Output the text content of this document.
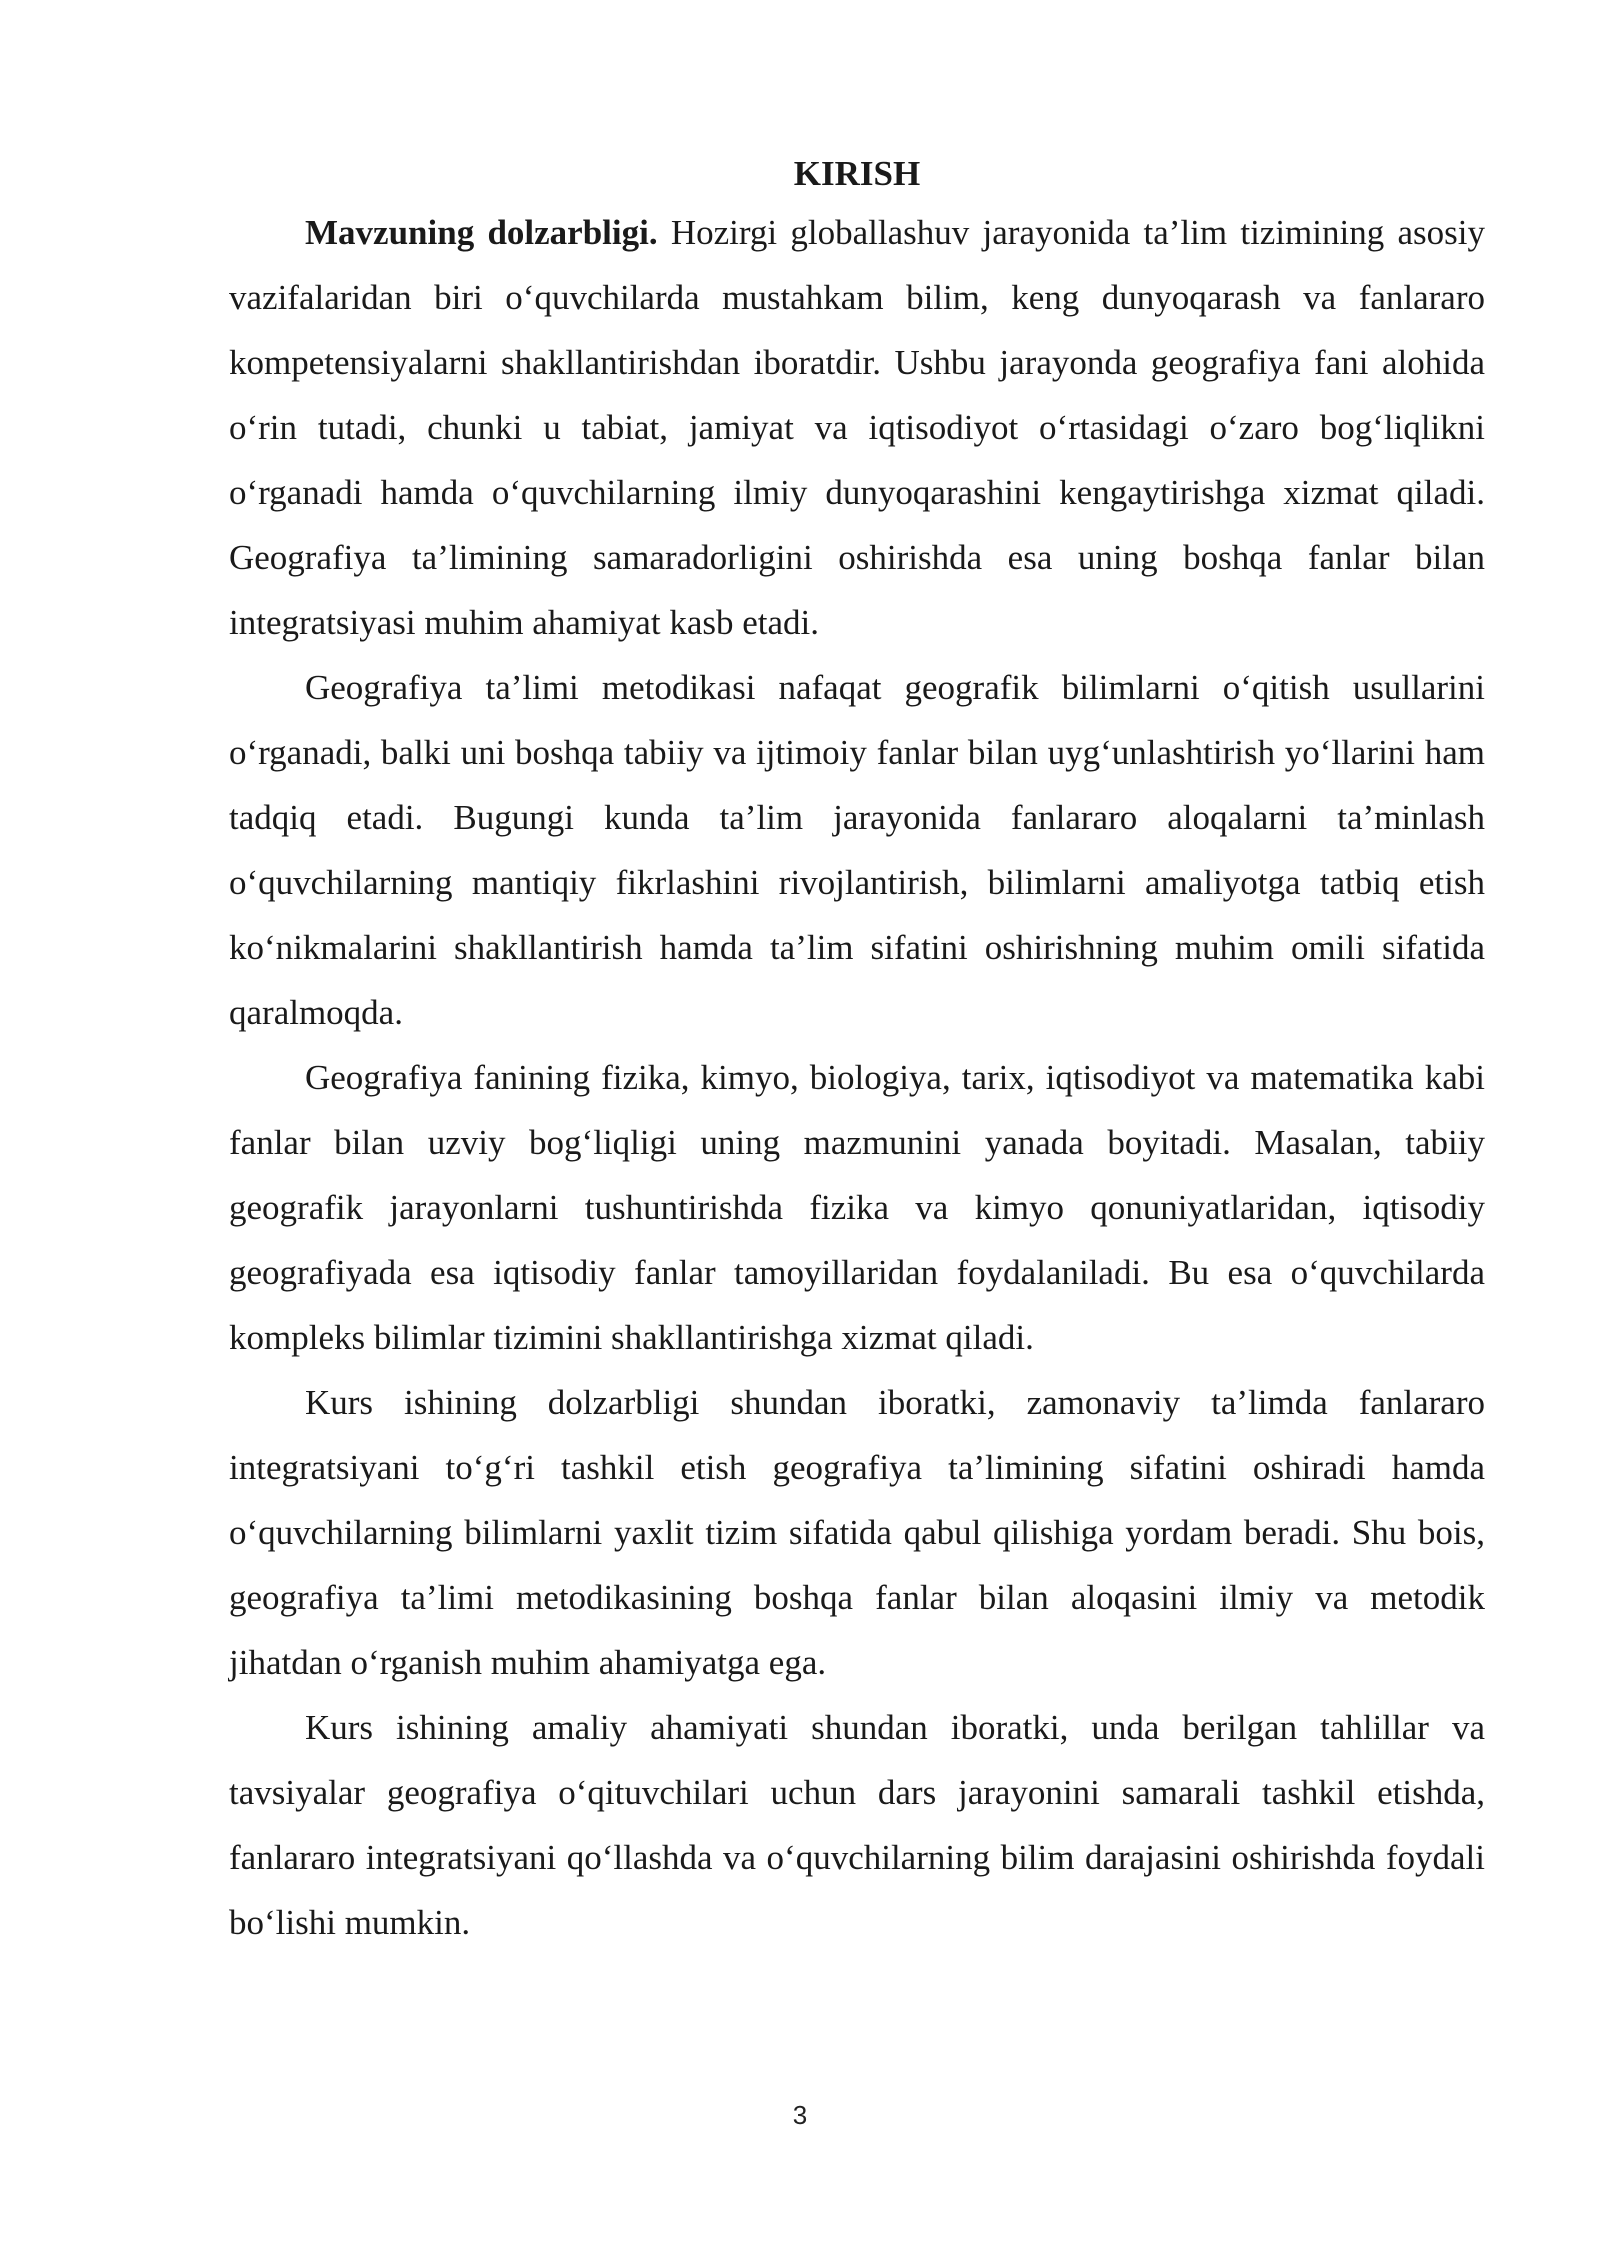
KIRISH

Mavzuning dolzarbligi. Hozirgi globallashuv jarayonida ta’lim tizimining asosiy vazifalaridan biri o‘quvchilarda mustahkam bilim, keng dunyoqarash va fanlararo kompetensiyalarni shakllantirishdan iboratdir. Ushbu jarayonda geografiya fani alohida o‘rin tutadi, chunki u tabiat, jamiyat va iqtisodiyot o‘rtasidagi o‘zaro bog‘liqlikni o‘rganadi hamda o‘quvchilarning ilmiy dunyoqarashini kengaytirishga xizmat qiladi. Geografiya ta’limining samaradorligini oshirishda esa uning boshqa fanlar bilan integratsiyasi muhim ahamiyat kasb etadi.

Geografiya ta’limi metodikasi nafaqat geografik bilimlarni o‘qitish usullarini o‘rganadi, balki uni boshqa tabiiy va ijtimoiy fanlar bilan uyg‘unlashtirish yo‘llarini ham tadqiq etadi. Bugungi kunda ta’lim jarayonida fanlararo aloqalarni ta’minlash o‘quvchilarning mantiqiy fikrlashini rivojlantirish, bilimlarni amaliyotga tatbiq etish ko‘nikmalarini shakllantirish hamda ta’lim sifatini oshirishning muhim omili sifatida qaralmoqda.

Geografiya fanining fizika, kimyo, biologiya, tarix, iqtisodiyot va matematika kabi fanlar bilan uzviy bog‘liqligi uning mazmunini yanada boyitadi. Masalan, tabiiy geografik jarayonlarni tushuntirishda fizika va kimyo qonuniyatlaridan, iqtisodiy geografiyada esa iqtisodiy fanlar tamoyillaridan foydalaniladi. Bu esa o‘quvchilarda kompleks bilimlar tizimini shakllantirishga xizmat qiladi.

Kurs ishining dolzarbligi shundan iboratki, zamonaviy ta’limda fanlararo integratsiyani to‘g‘ri tashkil etish geografiya ta’limining sifatini oshiradi hamda o‘quvchilarning bilimlarni yaxlit tizim sifatida qabul qilishiga yordam beradi. Shu bois, geografiya ta’limi metodikasining boshqa fanlar bilan aloqasini ilmiy va metodik jihatdan o‘rganish muhim ahamiyatga ega.

Kurs ishining amaliy ahamiyati shundan iboratki, unda berilgan tahlillar va tavsiyalar geografiya o‘qituvchilari uchun dars jarayonini samarali tashkil etishda, fanlararo integratsiyani qo‘llashda va o‘quvchilarning bilim darajasini oshirishda foydali bo‘lishi mumkin.

3
